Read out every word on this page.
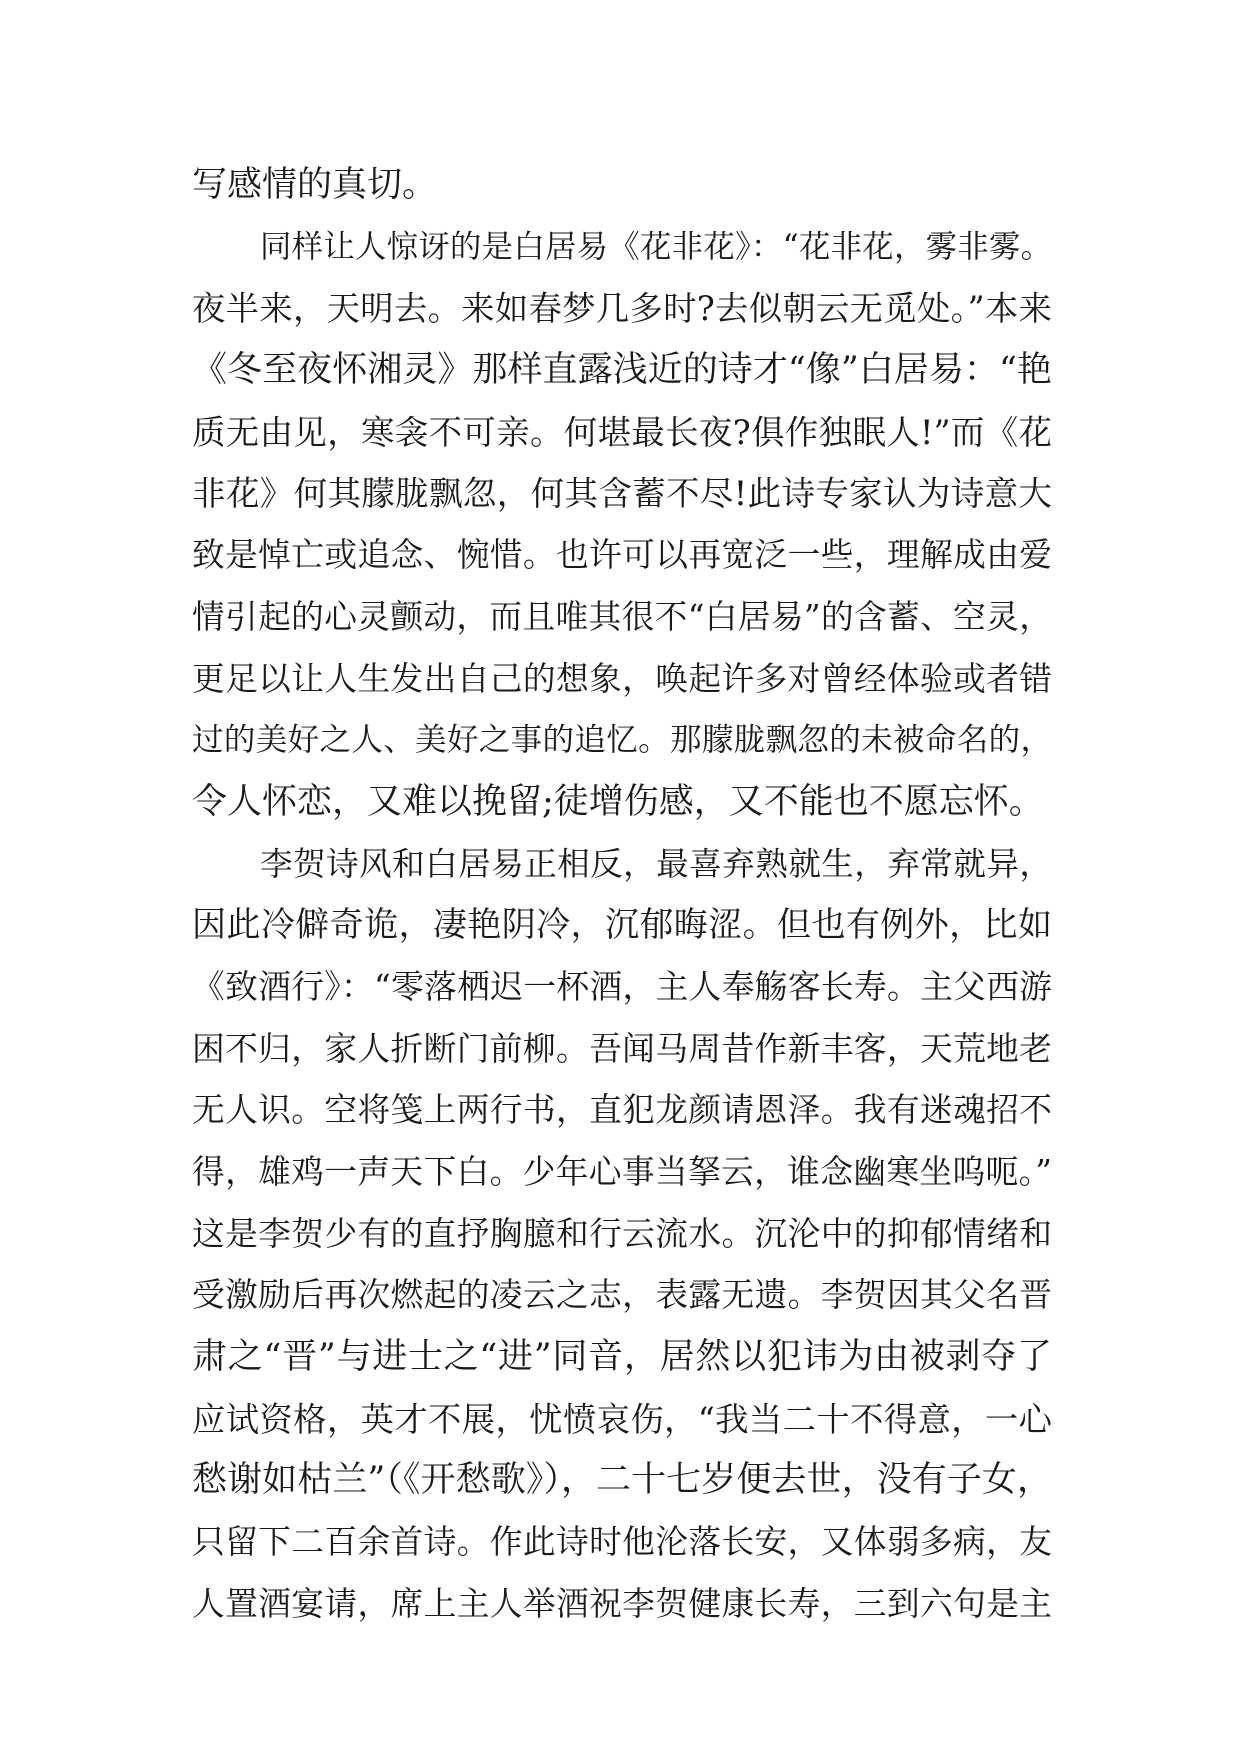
写感情的真切。
同样让人惊讶的是白居易《花非花》：“花非花，雾非雾。
夜半来，天明去。来如春梦几多时?去似朝云无觅处。”本来
《冬至夜怀湘灵》那样直露浅近的诗才“像”白居易：“艳
质无由见，寒衾不可亲。何堪最长夜?俱作独眠人!”而《花
非花》何其朦胧飘忽，何其含蓄不尽!此诗专家认为诗意大
致是悼亡或追念、惋惜。也许可以再宽泛一些，理解成由爱
情引起的心灵颤动，而且唯其很不“白居易”的含蓄、空灵，
更足以让人生发出自己的想象，唤起许多对曾经体验或者错
过的美好之人、美好之事的追忆。那朦胧飘忽的未被命名的，
令人怀恋，又难以挽留;徒增伤感，又不能也不愿忘怀。
李贺诗风和白居易正相反，最喜弃熟就生，弃常就异，
因此冷僻奇诡，凄艳阴冷，沉郁晦涩。但也有例外，比如
《致酒行》：“零落栖迟一杯酒，主人奉觞客长寿。主父西游
困不归，家人折断门前柳。吾闻马周昔作新丰客，天荒地老
无人识。空将笺上两行书，直犯龙颜请恩泽。我有迷魂招不
得，雄鸡一声天下白。少年心事当拏云，谁念幽寒坐呜呃。”
这是李贺少有的直抒胸臆和行云流水。沉沦中的抑郁情绪和
受激励后再次燃起的凌云之志，表露无遗。李贺因其父名晋
肃之“晋”与进士之“进”同音，居然以犯讳为由被剥夺了
应试资格，英才不展，忧愤哀伤，“我当二十不得意，一心
愁谢如枯兰”（《开愁歌》），二十七岁便去世，没有子女，
只留下二百余首诗。作此诗时他沦落长安，又体弱多病，友
人置酒宴请，席上主人举酒祝李贺健康长寿，三到六句是主
